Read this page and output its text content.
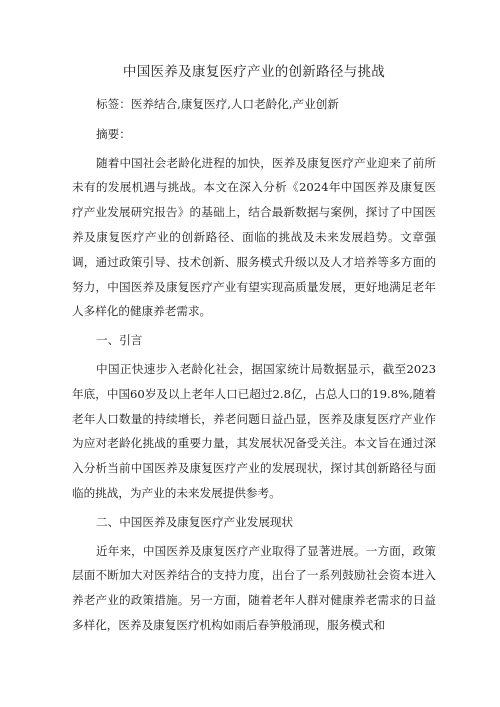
中国医养及康复医疗产业的创新路径与挑战

标签：医养结合,康复医疗,人口老龄化,产业创新

摘要：

随着中国社会老龄化进程的加快，医养及康复医疗产业迎来了前所未有的发展机遇与挑战。本文在深入分析《2024年中国医养及康复医疗产业发展研究报告》的基础上，结合最新数据与案例，探讨了中国医养及康复医疗产业的创新路径、面临的挑战及未来发展趋势。文章强调，通过政策引导、技术创新、服务模式升级以及人才培养等多方面的努力，中国医养及康复医疗产业有望实现高质量发展，更好地满足老年人多样化的健康养老需求。

一、引言

中国正快速步入老龄化社会，据国家统计局数据显示，截至2023年底，中国60岁及以上老年人口已超过2.8亿，占总人口的19.8%,随着老年人口数量的持续增长，养老问题日益凸显，医养及康复医疗产业作为应对老龄化挑战的重要力量，其发展状况备受关注。本文旨在通过深入分析当前中国医养及康复医疗产业的发展现状，探讨其创新路径与面临的挑战，为产业的未来发展提供参考。

二、中国医养及康复医疗产业发展现状

近年来，中国医养及康复医疗产业取得了显著进展。一方面，政策层面不断加大对医养结合的支持力度，出台了一系列鼓励社会资本进入养老产业的政策措施。另一方面，随着老年人群对健康养老需求的日益多样化，医养及康复医疗机构如雨后春笋般涌现，服务模式和
